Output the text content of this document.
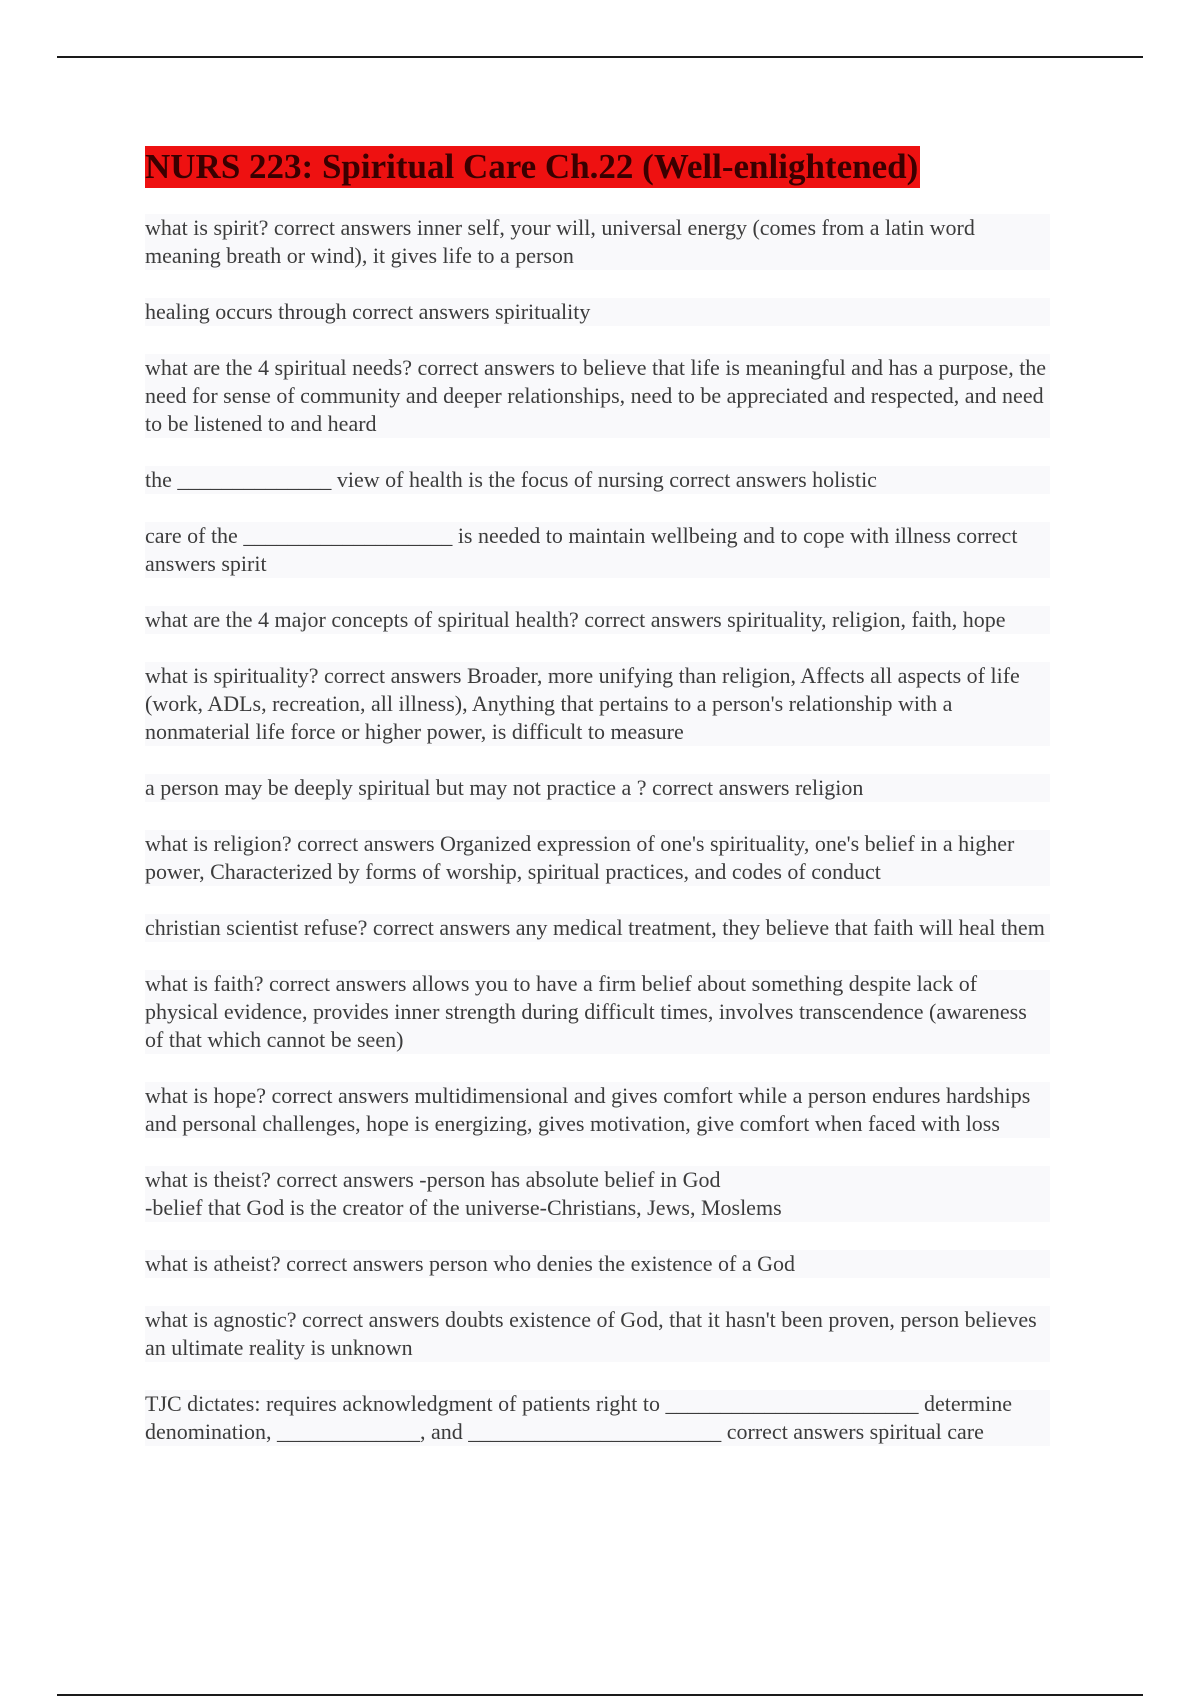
NURS 223: Spiritual Care Ch.22 (Well-enlightened)
what is spirit? correct answers inner self, your will, universal energy (comes from a latin word meaning breath or wind), it gives life to a person
healing occurs through correct answers spirituality
what are the 4 spiritual needs? correct answers to believe that life is meaningful and has a purpose, the need for sense of community and deeper relationships, need to be appreciated and respected, and need to be listened to and heard
the ______________ view of health is the focus of nursing correct answers holistic
care of the ___________________ is needed to maintain wellbeing and to cope with illness correct answers spirit
what are the 4 major concepts of spiritual health? correct answers spirituality, religion, faith, hope
what is spirituality? correct answers Broader, more unifying than religion, Affects all aspects of life (work, ADLs, recreation, all illness), Anything that pertains to a person's relationship with a nonmaterial life force or higher power, is difficult to measure
a person may be deeply spiritual but may not practice a ? correct answers religion
what is religion? correct answers Organized expression of one's spirituality, one's belief in a higher power, Characterized by forms of worship, spiritual practices, and codes of conduct
christian scientist refuse? correct answers any medical treatment, they believe that faith will heal them
what is faith? correct answers allows you to have a firm belief about something despite lack of physical evidence, provides inner strength during difficult times, involves transcendence (awareness of that which cannot be seen)
what is hope? correct answers multidimensional and gives comfort while a person endures hardships and personal challenges, hope is energizing, gives motivation, give comfort when faced with loss
what is theist? correct answers -person has absolute belief in God
-belief that God is the creator of the universe-Christians, Jews, Moslems
what is atheist? correct answers person who denies the existence of a God
what is agnostic? correct answers doubts existence of God, that it hasn't been proven, person believes an ultimate reality is unknown
TJC dictates: requires acknowledgment of patients right to _______________________ determine denomination, _____________, and _______________________ correct answers spiritual care
